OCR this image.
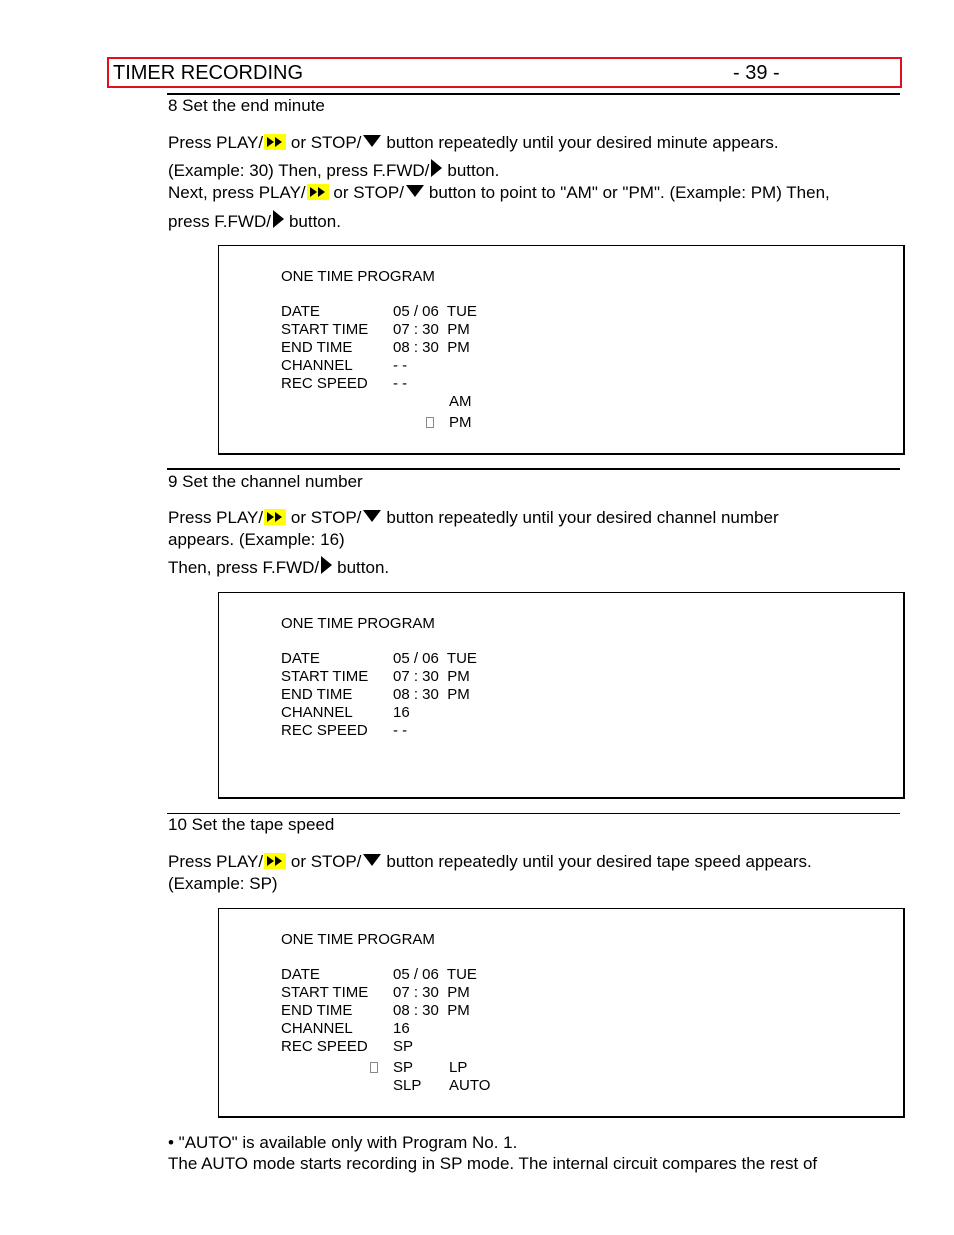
TIMER RECORDING	- 39 -
8 Set the end minute
Press PLAY/ or STOP/ button repeatedly until your desired minute appears.
(Example: 30) Then, press F.FWD/ button.
Next, press PLAY/ or STOP/ button to point to "AM" or "PM". (Example: PM) Then,
press F.FWD/ button.
ONE TIME PROGRAM
DATE	05 / 06  TUE
START TIME 07 : 30  PM
END TIME	08 : 30  PM
CHANNEL	- -
REC SPEED - -
AM
PM
9 Set the channel number
Press PLAY/ or STOP/ button repeatedly until your desired channel number
appears. (Example: 16)
Then, press F.FWD/ button.
ONE TIME PROGRAM
DATE	05 / 06  TUE
START TIME 07 : 30  PM
END TIME	08 : 30  PM
CHANNEL	16
REC SPEED - -
10 Set the tape speed
Press PLAY/ or STOP/ button repeatedly until your desired tape speed appears.
(Example: SP)
ONE TIME PROGRAM
DATE	05 / 06  TUE
START TIME 07 : 30  PM
END TIME	08 : 30  PM
CHANNEL	16
REC SPEED SP
SP LP
SLP AUTO
• "AUTO" is available only with Program No. 1.
The AUTO mode starts recording in SP mode. The internal circuit compares the rest of
